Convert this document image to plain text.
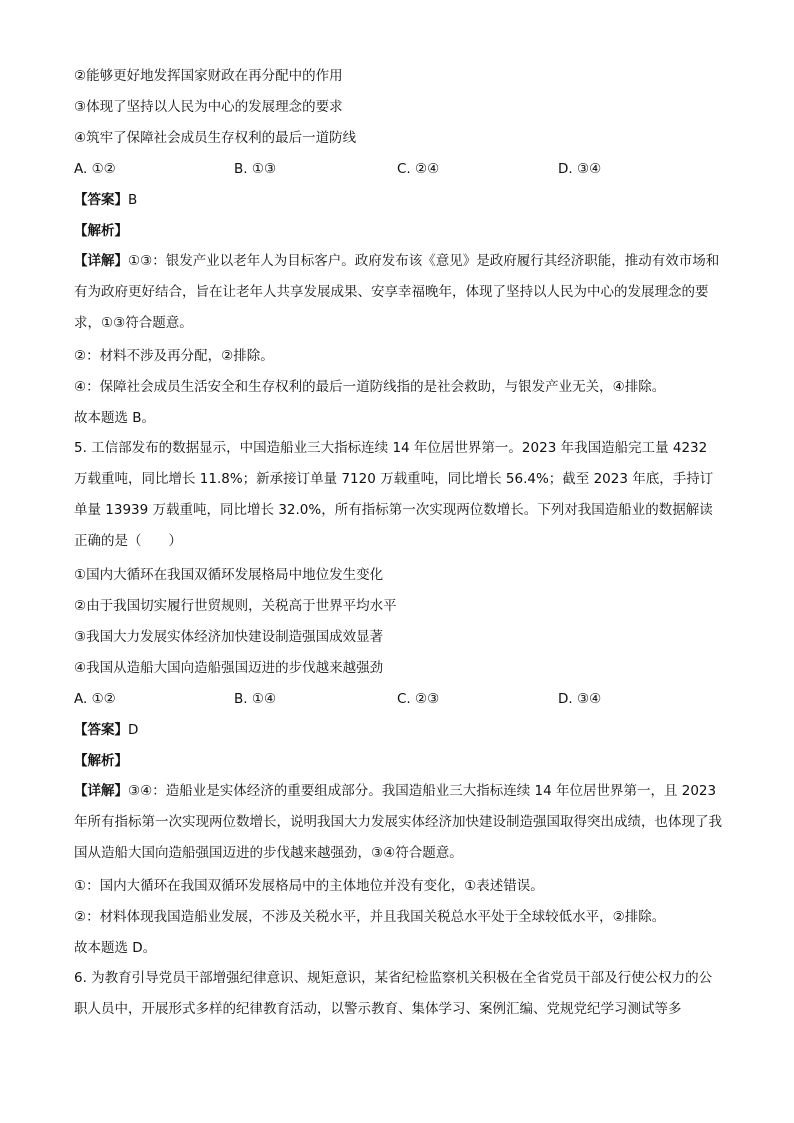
②能够更好地发挥国家财政在再分配中的作用
③体现了坚持以人民为中心的发展理念的要求
④筑牢了保障社会成员生存权利的最后一道防线
A. ①②	B. ①③	C. ②④	D. ③④
【答案】B
【解析】
【详解】①③：银发产业以老年人为目标客户。政府发布该《意见》是政府履行其经济职能，推动有效市场和有为政府更好结合，旨在让老年人共享发展成果、安享幸福晚年，体现了坚持以人民为中心的发展理念的要求，①③符合题意。
②：材料不涉及再分配，②排除。
④：保障社会成员生活安全和生存权利的最后一道防线指的是社会救助，与银发产业无关，④排除。
故本题选 B。
5. 工信部发布的数据显示，中国造船业三大指标连续 14 年位居世界第一。2023 年我国造船完工量 4232 万载重吨，同比增长 11.8%；新承接订单量 7120 万载重吨，同比增长 56.4%；截至 2023 年底，手持订单量 13939 万载重吨，同比增长 32.0%，所有指标第一次实现两位数增长。下列对我国造船业的数据解读正确的是（　　）
①国内大循环在我国双循环发展格局中地位发生变化
②由于我国切实履行世贸规则，关税高于世界平均水平
③我国大力发展实体经济加快建设制造强国成效显著
④我国从造船大国向造船强国迈进的步伐越来越强劲
A. ①②	B. ①④	C. ②③	D. ③④
【答案】D
【解析】
【详解】③④：造船业是实体经济的重要组成部分。我国造船业三大指标连续 14 年位居世界第一，且 2023 年所有指标第一次实现两位数增长，说明我国大力发展实体经济加快建设制造强国取得突出成绩，也体现了我国从造船大国向造船强国迈进的步伐越来越强劲，③④符合题意。
①：国内大循环在我国双循环发展格局中的主体地位并没有变化，①表述错误。
②：材料体现我国造船业发展，不涉及关税水平，并且我国关税总水平处于全球较低水平，②排除。
故本题选 D。
6. 为教育引导党员干部增强纪律意识、规矩意识，某省纪检监察机关积极在全省党员干部及行使公权力的公职人员中，开展形式多样的纪律教育活动，以警示教育、集体学习、案例汇编、党规党纪学习测试等多
